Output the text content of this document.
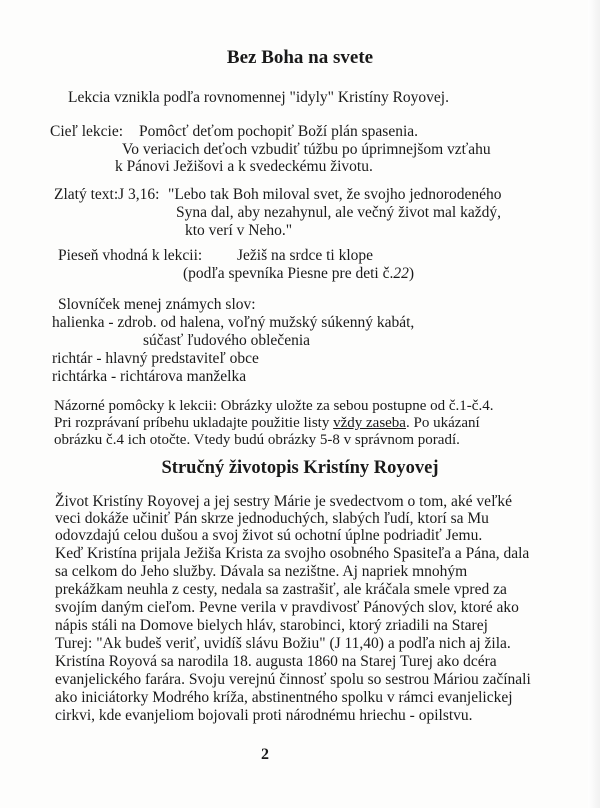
Bez Boha na svete
Lekcia vznikla podľa rovnomennej "idyly" Kristíny Royovej.
Cieľ lekcie: Pomôcť deťom pochopiť Boží plán spasenia.
Vo veriacich deťoch vzbudiť túžbu po úprimnejšom vzťahu
k Pánovi Ježišovi a k svedeckému životu.
Zlatý text:J 3,16: "Lebo tak Boh miloval svet, že svojho jednorodeného
Syna dal, aby nezahynul, ale večný život mal každý,
kto verí v Neho."
Pieseň vhodná k lekcii: Ježiš na srdce ti klope
(podľa spevníka Piesne pre deti č.22)
Slovníček menej známych slov:
halienka - zdrob. od halena, voľný mužský súkenný kabát,
súčasť ľudového oblečenia
richtár - hlavný predstaviteľ obce
richtárka - richtárova manželka
Názorné pomôcky k lekcii: Obrázky uložte za sebou postupne od č.1-č.4.
Pri rozprávaní príbehu ukladajte použitie listy vždy zaseba. Po ukázaní
obrázku č.4 ich otočte. Vtedy budú obrázky 5-8 v správnom poradí.
Stručný životopis Kristíny Royovej
Život Kristíny Royovej a jej sestry Márie je svedectvom o tom, aké veľké
veci dokáže učiniť Pán skrze jednoduchých, slabých ľudí, ktorí sa Mu
odovzdajú celou dušou a svoj život sú ochotní úplne podriadiť Jemu.
Keď Kristína prijala Ježiša Krista za svojho osobného Spasiteľa a Pána, dala
sa celkom do Jeho služby. Dávala sa nezištne. Aj napriek mnohým
prekážkam neuhla z cesty, nedala sa zastrašiť, ale kráčala smele vpred za
svojím daným cieľom. Pevne verila v pravdivosť Pánových slov, ktoré ako
nápis stáli na Domove bielych hláv, starobinci, ktorý zriadili na Starej
Turej: "Ak budeš veriť, uvidíš slávu Božiu" (J 11,40) a podľa nich aj žila.
Kristína Royová sa narodila 18. augusta 1860 na Starej Turej ako dcéra
evanjelického farára. Svoju verejnú činnosť spolu so sestrou Máriou začínali
ako iniciátorky Modrého kríža, abstinentného spolku v rámci evanjelickej
cirkvi, kde evanjeliom bojovali proti národnému hriechu - opilstvu.
2
